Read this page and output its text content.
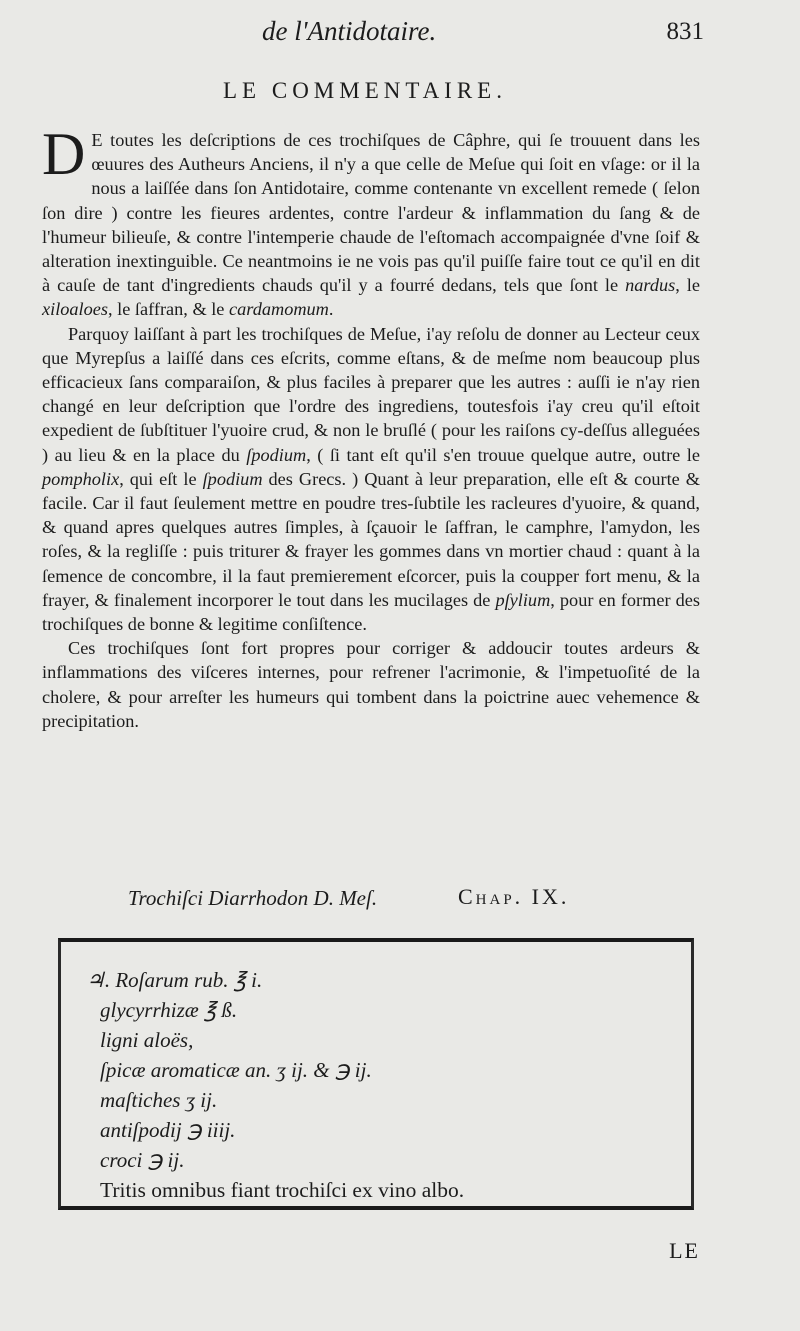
de l'Antidotaire.	831
LE COMMENTAIRE.

D E toutes les deſcriptions de ces trochiſques de Câphre, qui ſe trouuent dans les œuures des Autheurs Anciens, il n'y a que celle de Meſue qui ſoit en vſage: or il la nous a laiſſée dans ſon Antidotaire, comme contenante vn excellent remede ( ſelon ſon dire ) contre les fieures ardentes, contre l'ardeur & inflammation du ſang & de l'humeur bilieuſe, & contre l'intemperie chaude de l'eſtomach accompaignée d'vne ſoif & alteration inextinguible. Ce neantmoins ie ne vois pas qu'il puiſſe faire tout ce qu'il en dit à cauſe de tant d'ingredients chauds qu'il y a fourré dedans, tels que ſont le nardus, le xiloaloes, le ſaffran, & le cardamomum.

Parquoy laiſſant à part les trochiſques de Meſue, i'ay reſolu de donner au Lecteur ceux que Myrepſus a laiſſé dans ces eſcrits, comme eſtans, & de meſme nom beaucoup plus efficacieux ſans comparaiſon, & plus faciles à preparer que les autres : auſſi ie n'ay rien changé en leur deſcription que l'ordre des ingrediens, toutesfois i'ay creu qu'il eſtoit expedient de ſubſtituer l'yuoire crud, & non le bruſlé ( pour les raiſons cy-deſſus alleguées ) au lieu & en la place du ſpodium, ( ſi tant eſt qu'il s'en trouue quelque autre, outre le pompholix, qui eſt le ſpodium des Grecs. ) Quant à leur preparation, elle eſt & courte & facile. Car il faut ſeulement mettre en poudre tres-ſubtile les racleures d'yuoire, & quand, & quand apres quelques autres ſimples, à ſçauoir le ſaffran, le camphre, l'amydon, les roſes, & la regliſſe : puis triturer & frayer les gommes dans vn mortier chaud : quant à la ſemence de concombre, il la faut premierement eſcorcer, puis la coupper fort menu, & la frayer, & finalement incorporer le tout dans les mucilages de pſylium, pour en former des trochiſques de bonne & legitime conſiſtence.

Ces trochiſques ſont fort propres pour corriger & addoucir toutes ardeurs & inflammations des viſceres internes, pour refrener l'acrimonie, & l'impetuoſité de la cholere, & pour arreſter les humeurs qui tombent dans la poictrine auec vehemence & precipitation.

Trochiſci Diarrhodon D. Meſ.	Chap. IX.
♃. Roſarum rub. ℥ i.
glycyrrhizæ ℥ ß.
ligni aloës,
ſpicæ aromaticæ an. ʒ ij. & ℈ ij.
maſtiches ʒ ij.
antiſpodij ℈ iiij.
croci ℈ ij.
Tritis omnibus fiant trochiſci ex vino albo.
LE
